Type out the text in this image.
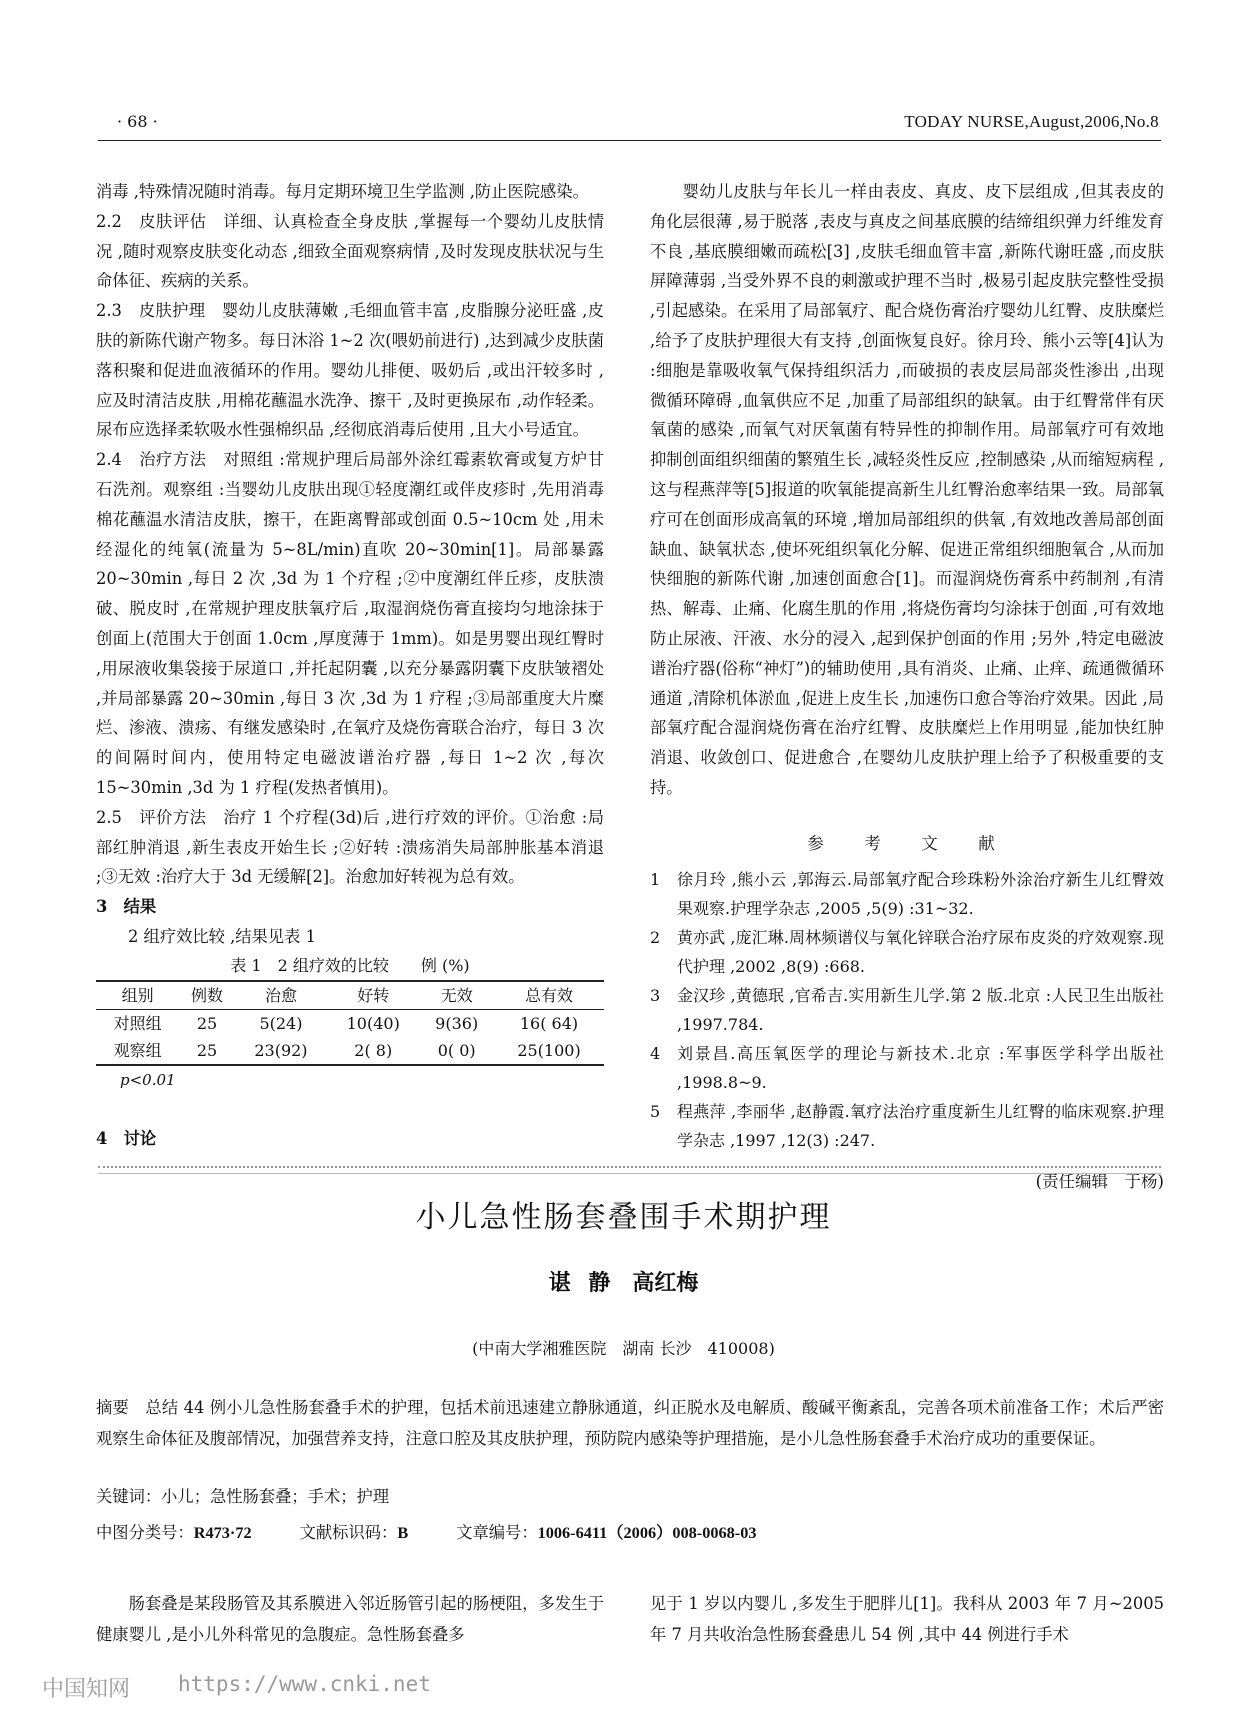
· 68 ·	TODAY NURSE,August,2006,No.8

消毒 ,特殊情况随时消毒。每月定期环境卫生学监测 ,防止医院感染。

2.2　皮肤评估　详细、认真检查全身皮肤 ,掌握每一个婴幼儿皮肤情况 ,随时观察皮肤变化动态 ,细致全面观察病情 ,及时发现皮肤状况与生命体征、疾病的关系。

2.3　皮肤护理　婴幼儿皮肤薄嫩 ,毛细血管丰富 ,皮脂腺分泌旺盛 ,皮肤的新陈代谢产物多。每日沐浴 1~2 次(喂奶前进行) ,达到减少皮肤菌落积聚和促进血液循环的作用。婴幼儿排便、吸奶后 ,或出汗较多时 ,应及时清洁皮肤 ,用棉花蘸温水洗净、擦干 ,及时更换尿布 ,动作轻柔。尿布应选择柔软吸水性强棉织品 ,经彻底消毒后使用 ,且大小号适宜。

2.4　治疗方法　对照组 :常规护理后局部外涂红霉素软膏或复方炉甘石洗剂。观察组 :当婴幼儿皮肤出现①轻度潮红或伴皮疹时 ,先用消毒棉花蘸温水清洁皮肤，擦干，在距离臀部或创面 0.5~10cm 处 ,用未经湿化的纯氧(流量为 5~8L/min)直吹 20~30min[1]。局部暴露 20~30min ,每日 2 次 ,3d 为 1 个疗程 ;②中度潮红伴丘疹，皮肤溃破、脱皮时 ,在常规护理皮肤氧疗后 ,取湿润烧伤膏直接均匀地涂抹于创面上(范围大于创面 1.0cm ,厚度薄于 1mm)。如是男婴出现红臀时 ,用尿液收集袋接于尿道口 ,并托起阴囊 ,以充分暴露阴囊下皮肤皱褶处 ,并局部暴露 20~30min ,每日 3 次 ,3d 为 1 疗程 ;③局部重度大片糜烂、渗液、溃疡、有继发感染时 ,在氧疗及烧伤膏联合治疗，每日 3 次的间隔时间内，使用特定电磁波谱治疗器 ,每日 1~2 次 ,每次 15~30min ,3d 为 1 疗程(发热者慎用)。

2.5　评价方法　治疗 1 个疗程(3d)后 ,进行疗效的评价。①治愈 :局部红肿消退 ,新生表皮开始生长 ;②好转 :溃疡消失局部肿胀基本消退 ;③无效 :治疗大于 3d 无缓解[2]。治愈加好转视为总有效。

3　结果

2 组疗效比较 ,结果见表 1

表 1　2 组疗效的比较　　例 (%)
组别	例数	治愈	好转	无效	总有效
对照组	25	5(24)	10(40)	9(36)	16( 64)
观察组	25	23(92)	2( 8)	0( 0)	25(100)
p<0.01

4　讨论

婴幼儿皮肤与年长儿一样由表皮、真皮、皮下层组成 ,但其表皮的角化层很薄 ,易于脱落 ,表皮与真皮之间基底膜的结缔组织弹力纤维发育不良 ,基底膜细嫩而疏松[3] ,皮肤毛细血管丰富 ,新陈代谢旺盛 ,而皮肤屏障薄弱 ,当受外界不良的刺激或护理不当时 ,极易引起皮肤完整性受损 ,引起感染。在采用了局部氧疗、配合烧伤膏治疗婴幼儿红臀、皮肤糜烂 ,给予了皮肤护理很大有支持 ,创面恢复良好。徐月玲、熊小云等[4]认为 :细胞是靠吸收氧气保持组织活力 ,而破损的表皮层局部炎性渗出 ,出现微循环障碍 ,血氧供应不足 ,加重了局部组织的缺氧。由于红臀常伴有厌氧菌的感染 ,而氧气对厌氧菌有特异性的抑制作用。局部氧疗可有效地抑制创面组织细菌的繁殖生长 ,减轻炎性反应 ,控制感染 ,从而缩短病程 ,这与程燕萍等[5]报道的吹氧能提高新生儿红臀治愈率结果一致。局部氧疗可在创面形成高氧的环境 ,增加局部组织的供氧 ,有效地改善局部创面缺血、缺氧状态 ,使坏死组织氧化分解、促进正常组织细胞氧合 ,从而加快细胞的新陈代谢 ,加速创面愈合[1]。而湿润烧伤膏系中药制剂 ,有清热、解毒、止痛、化腐生肌的作用 ,将烧伤膏均匀涂抹于创面 ,可有效地防止尿液、汗液、水分的浸入 ,起到保护创面的作用 ;另外 ,特定电磁波谱治疗器(俗称“神灯”)的辅助使用 ,具有消炎、止痛、止痒、疏通微循环通道 ,清除机体淤血 ,促进上皮生长 ,加速伤口愈合等治疗效果。因此 ,局部氧疗配合湿润烧伤膏在治疗红臀、皮肤糜烂上作用明显 ,能加快红肿消退、收敛创口、促进愈合 ,在婴幼儿皮肤护理上给予了积极重要的支持。

参　考　文　献
1	徐月玲 ,熊小云 ,郭海云.局部氧疗配合珍珠粉外涂治疗新生儿红臀效果观察.护理学杂志 ,2005 ,5(9) :31~32.
2	黄亦武 ,庞汇琳.周林频谱仪与氧化锌联合治疗尿布皮炎的疗效观察.现代护理 ,2002 ,8(9) :668.
3	金汉珍 ,黄德珉 ,官希吉.实用新生儿学.第 2 版.北京 :人民卫生出版社 ,1997.784.
4	刘景昌.高压氧医学的理论与新技术.北京 :军事医学科学出版社 ,1998.8~9.
5	程燕萍 ,李丽华 ,赵静霞.氧疗法治疗重度新生儿红臀的临床观察.护理学杂志 ,1997 ,12(3) :247.
(责任编辑　于杨)
小儿急性肠套叠围手术期护理
谌 静　高红梅
(中南大学湘雅医院　湖南 长沙　410008)
摘要　总结 44 例小儿急性肠套叠手术的护理，包括术前迅速建立静脉通道，纠正脱水及电解质、酸碱平衡紊乱，完善各项术前准备工作；术后严密观察生命体征及腹部情况，加强营养支持，注意口腔及其皮肤护理，预防院内感染等护理措施，是小儿急性肠套叠手术治疗成功的重要保证。
关键词：小儿；急性肠套叠；手术；护理
中图分类号：R473·72	文献标识码：B	文章编号：1006-6411（2006）008-0068-03

肠套叠是某段肠管及其系膜进入邻近肠管引起的肠梗阻，多发生于健康婴儿 ,是小儿外科常见的急腹症。急性肠套叠多

见于 1 岁以内婴儿 ,多发生于肥胖儿[1]。我科从 2003 年 7 月~2005 年 7 月共收治急性肠套叠患儿 54 例 ,其中 44 例进行手术

中国知网 https://www.cnki.net
